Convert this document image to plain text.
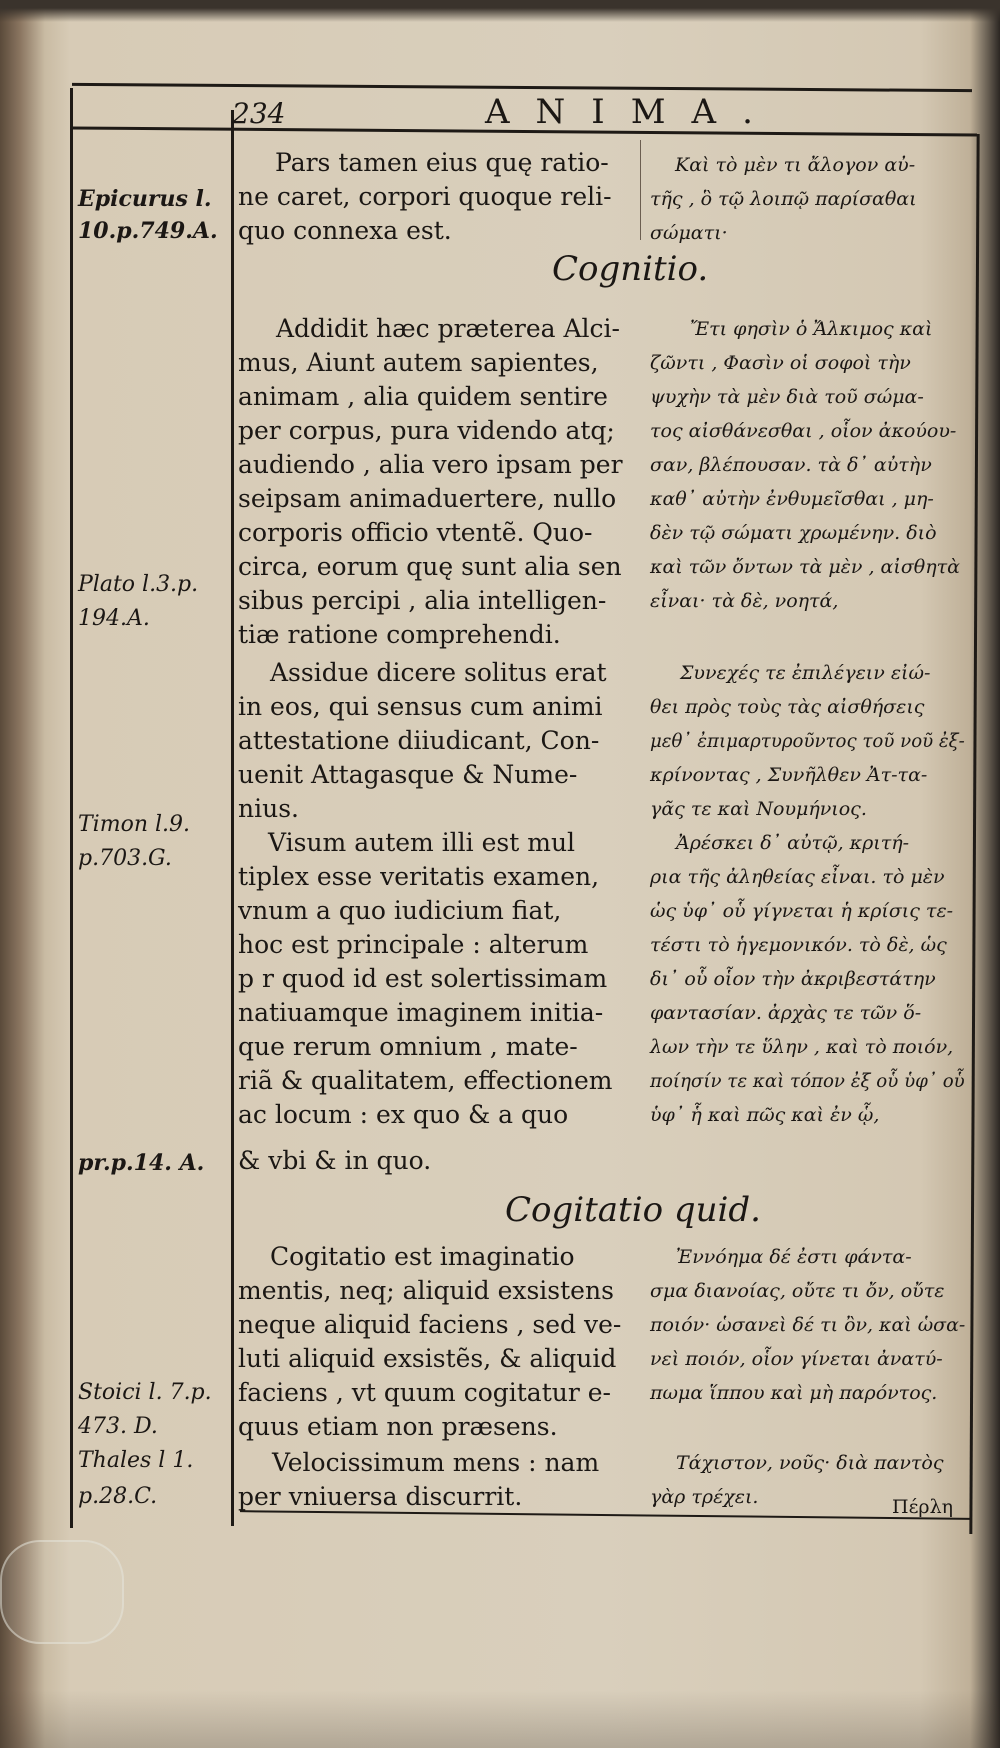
234	ANIMA.
Epicurus l.
10.p.749.A.
Plato l.3.p.
194.A.
Timon l.9.
p.703.G.
pr.p.14. A.
Stoici l. 7.p.
473. D.
Thales l 1.
p.28.C.
Cognitio.
Cogitatio quid.
Pars tamen eius quę ratio-
ne caret, corpori quoque reli-
quo connexa est.
Addidit hæc præterea Alci-
mus, Aiunt autem sapientes,
animam , alia quidem sentire
per corpus, pura videndo atq;
audiendo , alia vero ipsam per
seipsam animaduertere, nullo
corporis officio vtentẽ. Quo-
circa, eorum quę sunt alia sen
sibus percipi , alia intelligen-
tiæ ratione comprehendi.
Assidue dicere solitus erat
in eos, qui sensus cum animi
attestatione diiudicant, Con-
uenit Attagasque & Nume-
nius.
Visum autem illi est mul
tiplex esse veritatis examen,
vnum a quo iudicium fiat,
hoc est principale : alterum
p r quod id est solertissimam
natiuamque imaginem initia-
que rerum omnium , mate-
riã & qualitatem, effectionem
ac locum : ex quo & a quo
& vbi & in quo.
Cogitatio est imaginatio
mentis, neq; aliquid exsistens
neque aliquid faciens , sed ve-
luti aliquid exsistẽs, & aliquid
faciens , vt quum cogitatur e-
quus etiam non præsens.
Velocissimum mens : nam
per vniuersa discurrit.
Καὶ τὸ μὲν τι ἄλογον αὐ-
τῆς , ὃ τῷ λοιπῷ παρίσαθαι
σώματι·
Ἔτι φησὶν ὁ Ἄλκιμος καὶ
ζῶντι , Φασὶν οἱ σοφοὶ τὴν
ψυχὴν τὰ μὲν διὰ τοῦ σώμα-
τος αἰσθάνεσθαι , οἷον ἀκούου-
σαν, βλέπουσαν. τὰ δ᾽ αὐτὴν
καθ᾽ αὐτὴν ἐνθυμεῖσθαι , μη-
δὲν τῷ σώματι χρωμένην. διὸ
καὶ τῶν ὄντων τὰ μὲν , αἰσθητὰ
εἶναι· τὰ δὲ, νοητά,
Συνεχές τε ἐπιλέγειν εἰώ-
θει πρὸς τοὺς τὰς αἰσθήσεις
μεθ᾽ ἐπιμαρτυροῦντος τοῦ νοῦ ἐξ-
κρίνοντας , Συνῆλθεν Ἀτ-τα-
γᾶς τε καὶ Νουμήνιος.
Ἀρέσκει δ᾽ αὐτῷ, κριτή-
ρια τῆς ἀληθείας εἶναι. τὸ μὲν
ὡς ὑφ᾽ οὗ γίγνεται ἡ κρίσις τε-
τέστι τὸ ἡγεμονικόν. τὸ δὲ, ὡς
δι᾽ οὗ οἷον τὴν ἀκριβεστάτην
φαντασίαν. ἀρχὰς τε τῶν ὅ-
λων τὴν τε ὕλην , καὶ τὸ ποιόν,
ποίησίν τε καὶ τόπον ἐξ οὗ ὑφ᾽ οὗ
ὑφ᾽ ἧ καὶ πῶς καὶ ἐν ᾧ,
Ἐννόημα δέ ἐστι φάντα-
σμα διανοίας, οὔτε τι ὄν, οὔτε
ποιόν· ὡσανεὶ δέ τι ὂν, καὶ ὡσα-
νεὶ ποιόν, οἷον γίνεται ἀνατύ-
πωμα ἵππου καὶ μὴ παρόντος.
Τάχιστον, νοῦς· διὰ παντὸς
γὰρ τρέχει.	Πέρλη
